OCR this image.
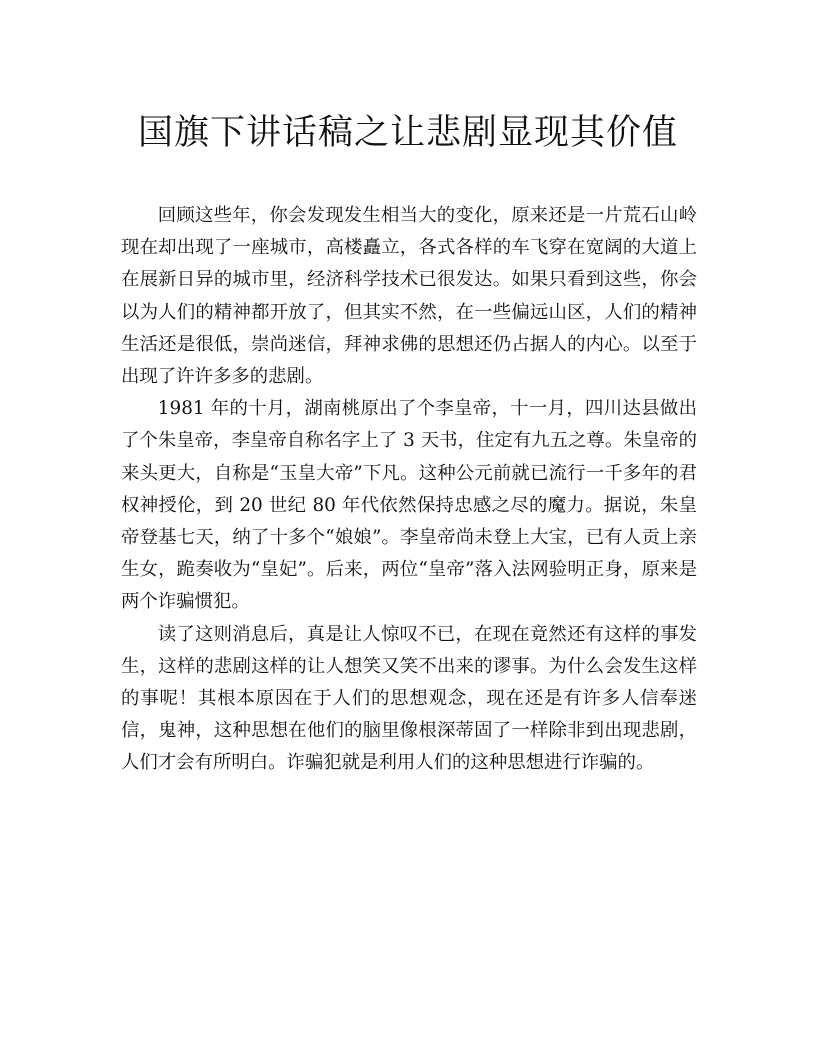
国旗下讲话稿之让悲剧显现其价值

回顾这些年，你会发现发生相当大的变化，原来还是一片荒石山岭现在却出现了一座城市，高楼矗立，各式各样的车飞穿在宽阔的大道上在展新日异的城市里，经济科学技术已很发达。如果只看到这些，你会以为人们的精神都开放了，但其实不然，在一些偏远山区，人们的精神生活还是很低，崇尚迷信，拜神求佛的思想还仍占据人的内心。以至于出现了许许多多的悲剧。

1981 年的十月，湖南桃原出了个李皇帝，十一月，四川达县做出了个朱皇帝，李皇帝自称名字上了 3 天书，住定有九五之尊。朱皇帝的来头更大，自称是“玉皇大帝”下凡。这种公元前就已流行一千多年的君权神授伦，到 20 世纪 80 年代依然保持忠感之尽的魔力。据说，朱皇帝登基七天，纳了十多个“娘娘”。李皇帝尚未登上大宝，已有人贡上亲生女，跪奏收为“皇妃”。后来，两位“皇帝”落入法网验明正身，原来是两个诈骗惯犯。

读了这则消息后，真是让人惊叹不已，在现在竟然还有这样的事发生，这样的悲剧这样的让人想笑又笑不出来的谬事。为什么会发生这样的事呢！其根本原因在于人们的思想观念，现在还是有许多人信奉迷信，鬼神，这种思想在他们的脑里像根深蒂固了一样除非到出现悲剧，人们才会有所明白。诈骗犯就是利用人们的这种思想进行诈骗的。
